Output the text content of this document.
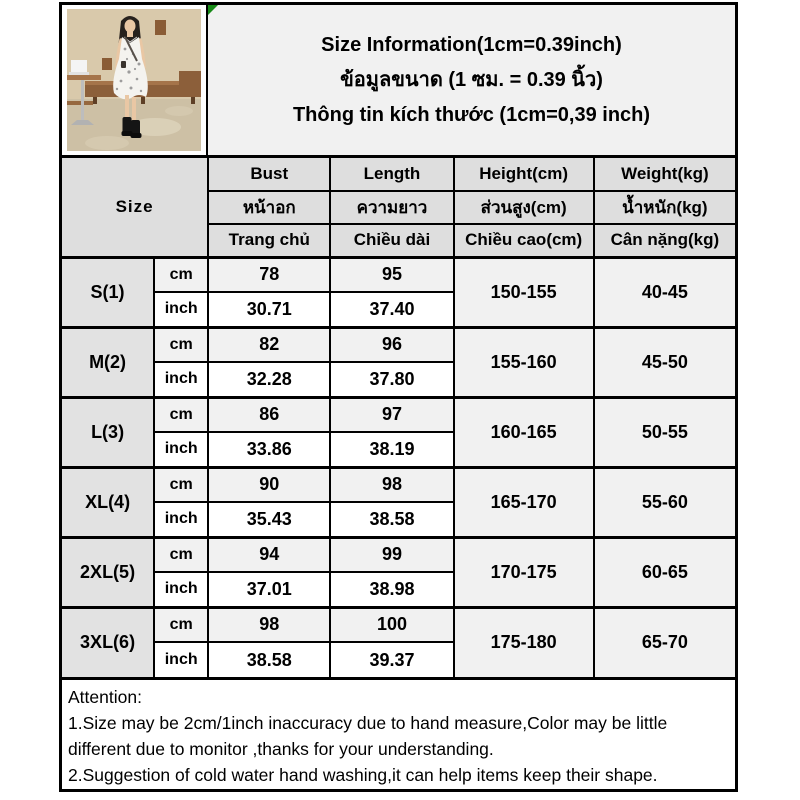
Size Information(1cm=0.39inch)
ข้อมูลขนาด (1 ซม. = 0.39 นิ้ว)
Thông tin kích thước (1cm=0,39 inch)
Size		Bust	Length	Height(cm)	Weight(kg)
		หน้าอก	ความยาว	ส่วนสูง(cm)	น้ำหนัก(kg)
		Trang chủ	Chiều dài	Chiều cao(cm)	Cân nặng(kg)
S(1)	cm	78	95	150-155	40-45
	inch	30.71	37.40		
M(2)	cm	82	96	155-160	45-50
	inch	32.28	37.80		
L(3)	cm	86	97	160-165	50-55
	inch	33.86	38.19		
XL(4)	cm	90	98	165-170	55-60
	inch	35.43	38.58		
2XL(5)	cm	94	99	170-175	60-65
	inch	37.01	38.98		
3XL(6)	cm	98	100	175-180	65-70
	inch	38.58	39.37		
Attention:
1.Size may be 2cm/1inch inaccuracy due to hand measure,Color may be little different due to monitor ,thanks for your understanding.
2.Suggestion of cold water hand washing,it can help items keep their shape.
